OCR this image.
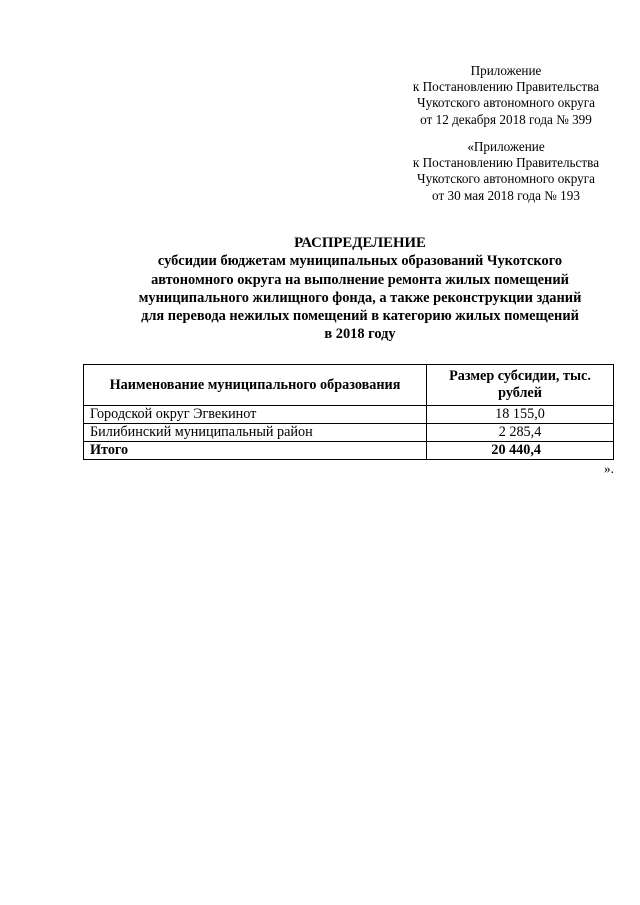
Приложение
к Постановлению Правительства
Чукотского автономного округа
от 12 декабря 2018 года № 399
«Приложение
к Постановлению Правительства
Чукотского автономного округа
от 30 мая 2018 года № 193
РАСПРЕДЕЛЕНИЕ
субсидии бюджетам муниципальных образований Чукотского
автономного округа на выполнение ремонта жилых помещений
муниципального жилищного фонда, а также реконструкции зданий
для перевода нежилых помещений в категорию жилых помещений
в 2018 году
Наименование муниципального образования	Размер субсидии, тыс. рублей
Городской округ Эгвекинот	18 155,0
Билибинский муниципальный район	2 285,4
Итого	20 440,4
».
